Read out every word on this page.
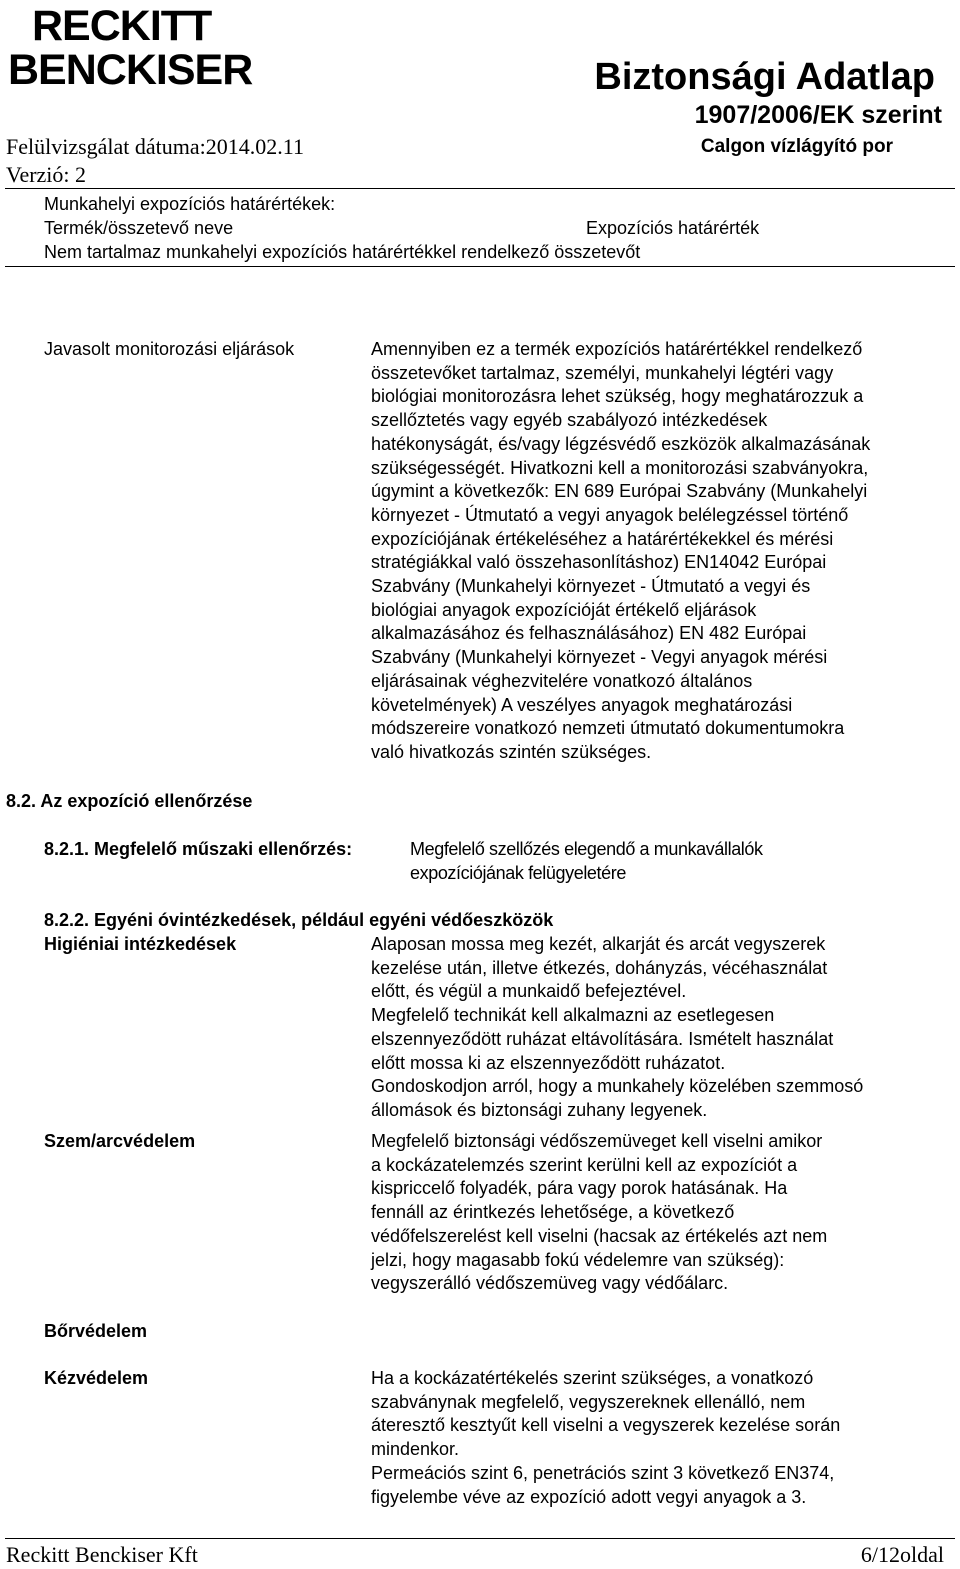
RECKITT
BENCKISER	Biztonsági Adatlap
1907/2006/EK szerint
Calgon vízlágyító por
Felülvizsgálat dátuma:2014.02.11
Verzió: 2
Munkahelyi expozíciós határértékek:
Termék/összetevő neve	Expozíciós határérték
Nem tartalmaz munkahelyi expozíciós határértékkel rendelkező összetevőt
Javasolt monitorozási eljárások	Amennyiben ez a termék expozíciós határértékkel rendelkező
összetevőket tartalmaz, személyi, munkahelyi légtéri vagy
biológiai monitorozásra lehet szükség, hogy meghatározzuk a
szellőztetés vagy egyéb szabályozó intézkedések
hatékonyságát, és/vagy légzésvédő eszközök alkalmazásának
szükségességét. Hivatkozni kell a monitorozási szabványokra,
úgymint a következők: EN 689 Európai Szabvány (Munkahelyi
környezet - Útmutató a vegyi anyagok belélegzéssel történő
expozíciójának értékeléséhez a határértékekkel és mérési
stratégiákkal való összehasonlításhoz) EN14042 Európai
Szabvány (Munkahelyi környezet - Útmutató a vegyi és
biológiai anyagok expozícióját értékelő eljárások
alkalmazásához és felhasználásához) EN 482 Európai
Szabvány (Munkahelyi környezet - Vegyi anyagok mérési
eljárásainak véghezvitelére vonatkozó általános
követelmények) A veszélyes anyagok meghatározási
módszereire vonatkozó nemzeti útmutató dokumentumokra
való hivatkozás szintén szükséges.

8.2. Az expozíció ellenőrzése
8.2.1. Megfelelő műszaki ellenőrzés:	Megfelelő szellőzés elegendő a munkavállalók
expozíciójának felügyeletére
8.2.2. Egyéni óvintézkedések, például egyéni védőeszközök
Higiéniai intézkedések	Alaposan mossa meg kezét, alkarját és arcát vegyszerek
kezelése után, illetve étkezés, dohányzás, vécéhasználat
előtt, és végül a munkaidő befejeztével.
Megfelelő technikát kell alkalmazni az esetlegesen
elszennyeződött ruházat eltávolítására. Ismételt használat
előtt mossa ki az elszennyeződött ruházatot.
Gondoskodjon arról, hogy a munkahely közelében szemmosó
állomások és biztonsági zuhany legyenek.

Szem/arcvédelem	Megfelelő biztonsági védőszemüveget kell viselni amikor
a kockázatelemzés szerint kerülni kell az expozíciót a
kispriccelő folyadék, pára vagy porok hatásának. Ha
fennáll az érintkezés lehetősége, a következő
védőfelszerelést kell viselni (hacsak az értékelés azt nem
jelzi, hogy magasabb fokú védelemre van szükség):
vegyszerálló védőszemüveg vagy védőálarc.

Bőrvédelem
Kézvédelem	Ha a kockázatértékelés szerint szükséges, a vonatkozó
szabványnak megfelelő, vegyszereknek ellenálló, nem
áteresztő kesztyűt kell viselni a vegyszerek kezelése során
mindenkor.
Permeációs szint 6, penetrációs szint 3 következő EN374,
figyelembe véve az expozíció adott vegyi anyagok a 3.

Reckitt Benckiser Kft	6/12oldal
